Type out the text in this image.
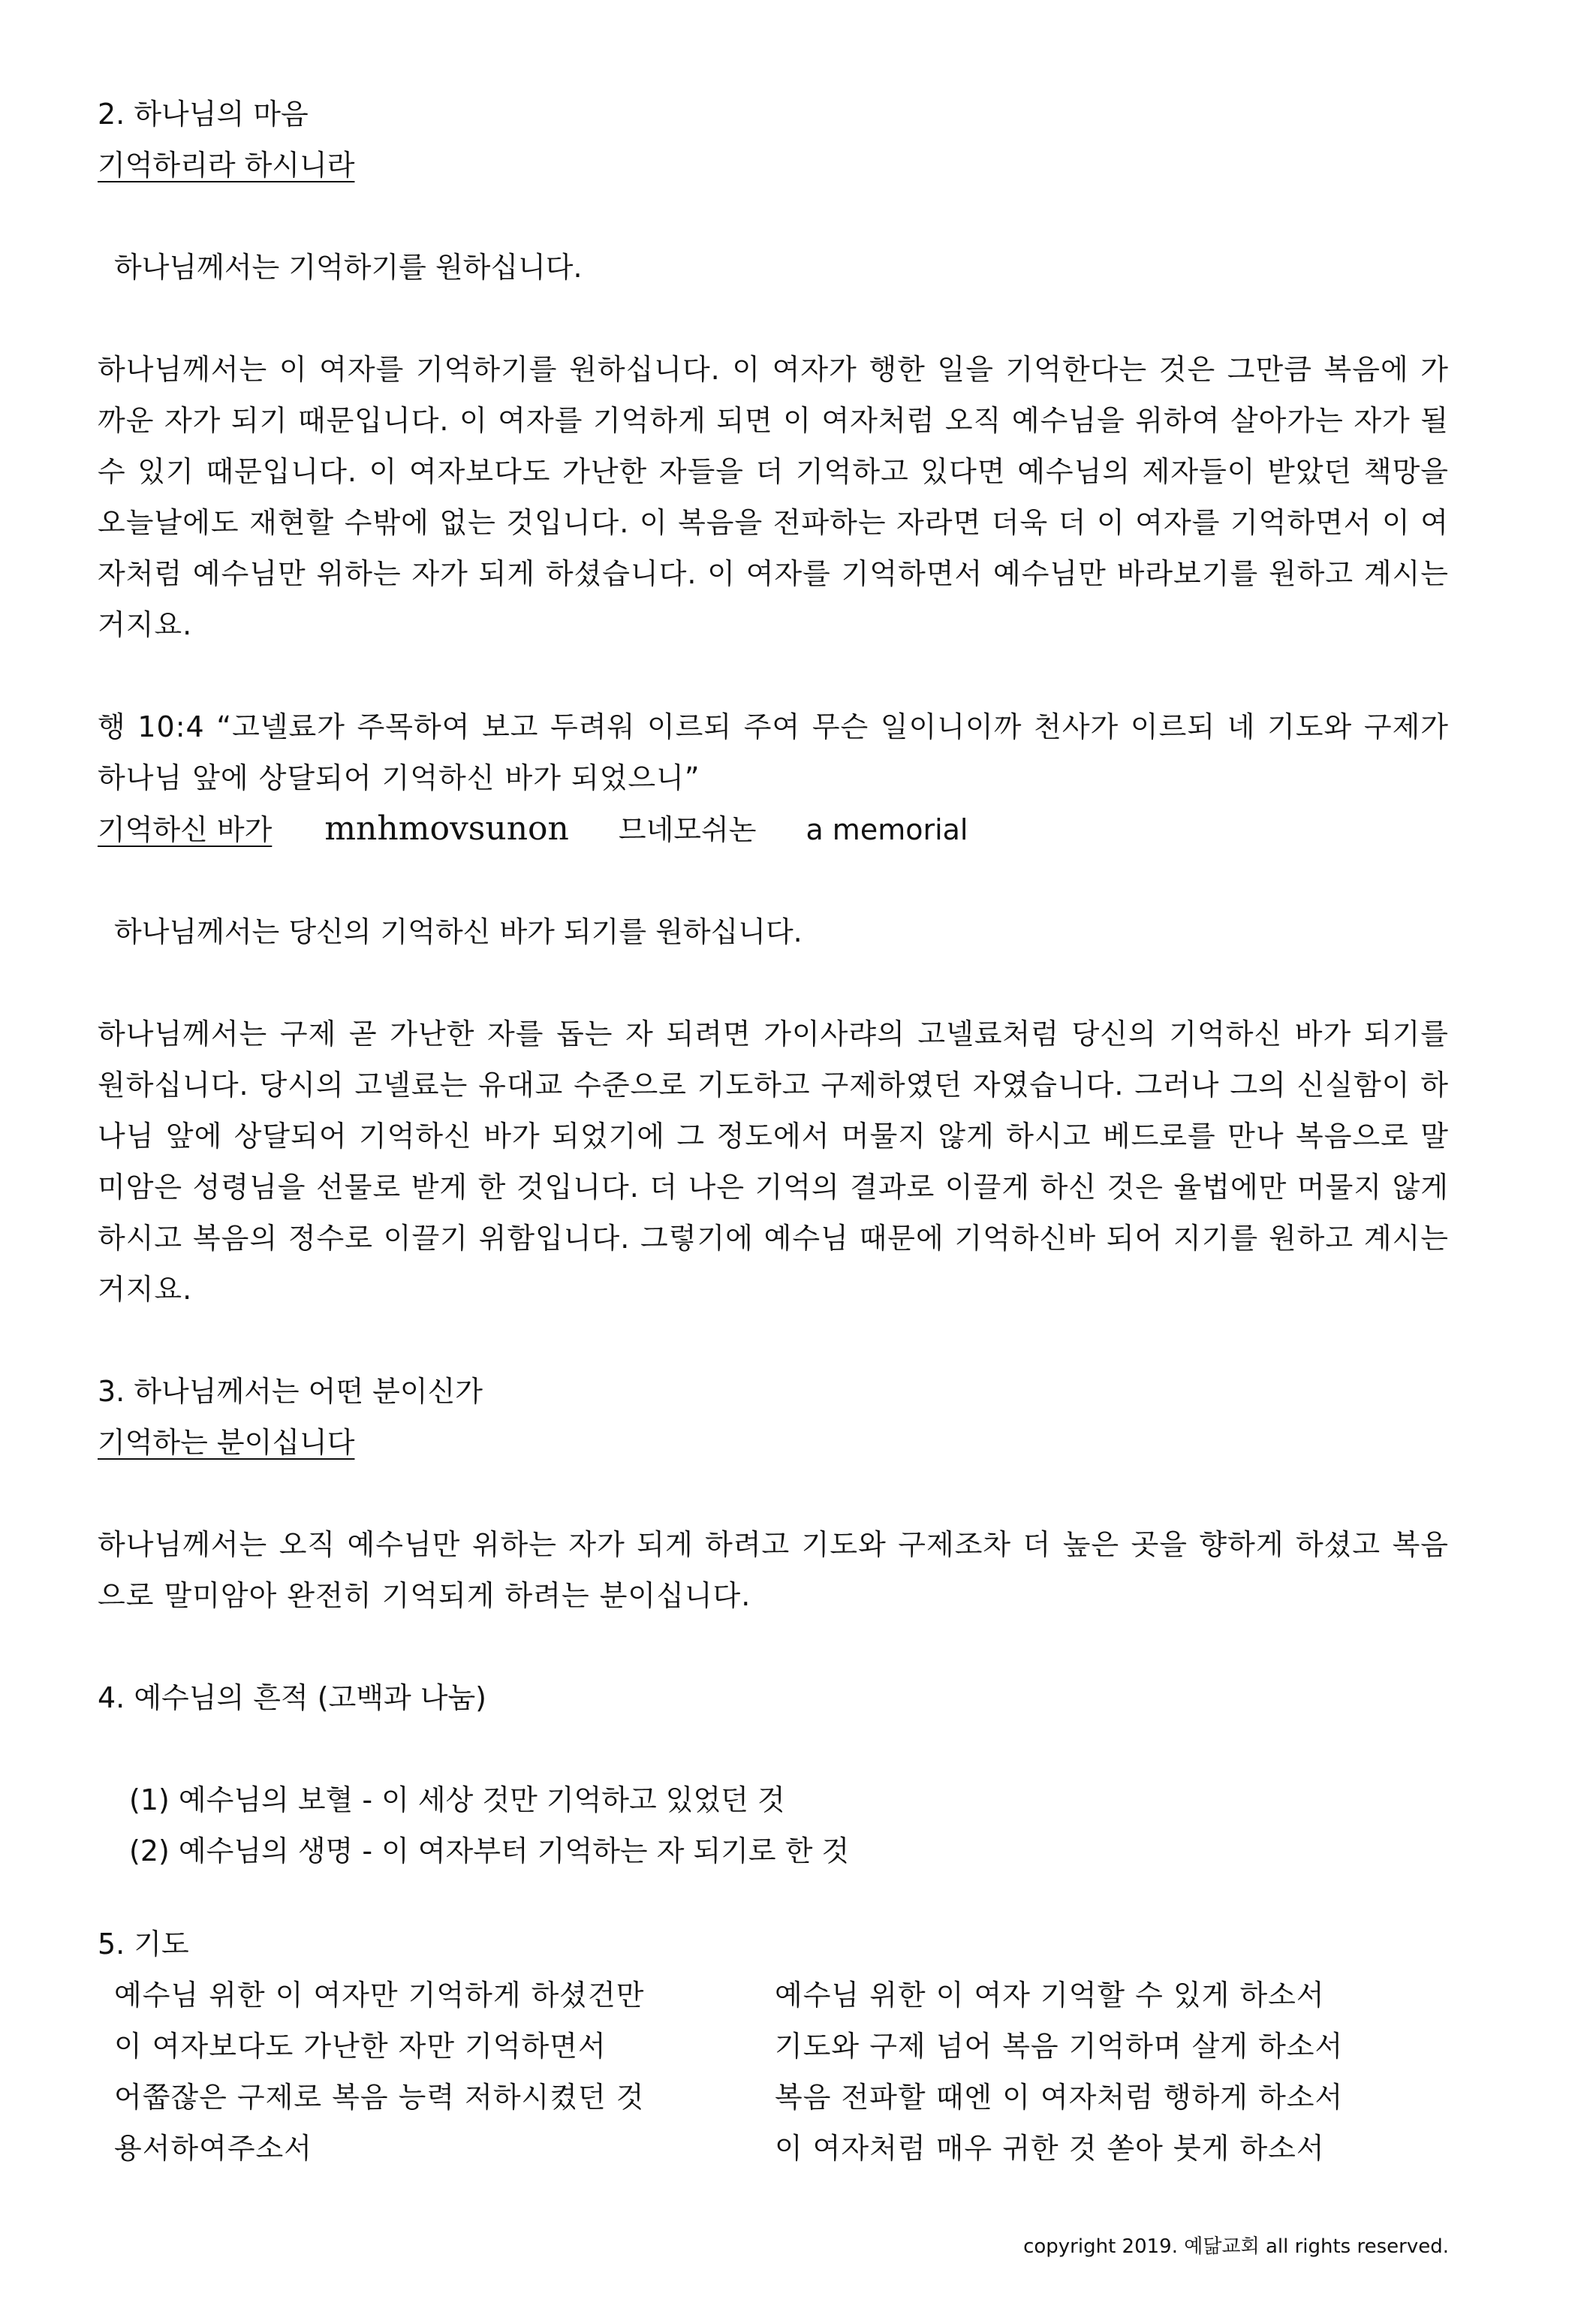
2. 하나님의 마음
기억하리라 하시니라
하나님께서는 기억하기를 원하십니다.

하나님께서는 이 여자를 기억하기를 원하십니다. 이 여자가 행한 일을 기억한다는 것은 그만큼 복음에 가까운 자가 되기 때문입니다. 이 여자를 기억하게 되면 이 여자처럼 오직 예수님을 위하여 살아가는 자가 될 수 있기 때문입니다. 이 여자보다도 가난한 자들을 더 기억하고 있다면 예수님의 제자들이 받았던 책망을 오늘날에도 재현할 수밖에 없는 것입니다. 이 복음을 전파하는 자라면 더욱 더 이 여자를 기억하면서 이 여자처럼 예수님만 위하는 자가 되게 하셨습니다. 이 여자를 기억하면서 예수님만 바라보기를 원하고 계시는 거지요.

행 10:4 “고넬료가 주목하여 보고 두려워 이르되 주여 무슨 일이니이까 천사가 이르되 네 기도와 구제가 하나님 앞에 상달되어 기억하신 바가 되었으니”

기억하신 바가 mnhmovsunon 므네모쉬논 a memorial
하나님께서는 당신의 기억하신 바가 되기를 원하십니다.

하나님께서는 구제 곧 가난한 자를 돕는 자 되려면 가이사랴의 고넬료처럼 당신의 기억하신 바가 되기를 원하십니다. 당시의 고넬료는 유대교 수준으로 기도하고 구제하였던 자였습니다. 그러나 그의 신실함이 하나님 앞에 상달되어 기억하신 바가 되었기에 그 정도에서 머물지 않게 하시고 베드로를 만나 복음으로 말미암은 성령님을 선물로 받게 한 것입니다. 더 나은 기억의 결과로 이끌게 하신 것은 율법에만 머물지 않게 하시고 복음의 정수로 이끌기 위함입니다. 그렇기에 예수님 때문에 기억하신바 되어 지기를 원하고 계시는 거지요.

3. 하나님께서는 어떤 분이신가
기억하는 분이십니다

하나님께서는 오직 예수님만 위하는 자가 되게 하려고 기도와 구제조차 더 높은 곳을 향하게 하셨고 복음으로 말미암아 완전히 기억되게 하려는 분이십니다.

4. 예수님의 흔적 (고백과 나눔)
(1) 예수님의 보혈 - 이 세상 것만 기억하고 있었던 것
(2) 예수님의 생명 - 이 여자부터 기억하는 자 되기로 한 것
5. 기도
예수님 위한 이 여자만 기억하게 하셨건만
이 여자보다도 가난한 자만 기억하면서
어쭙잖은 구제로 복음 능력 저하시켰던 것
용서하여주소서
예수님 위한 이 여자 기억할 수 있게 하소서
기도와 구제 넘어 복음 기억하며 살게 하소서
복음 전파할 때엔 이 여자처럼 행하게 하소서
이 여자처럼 매우 귀한 것 쏟아 붓게 하소서
copyright 2019. 예닮교회 all rights reserved.
